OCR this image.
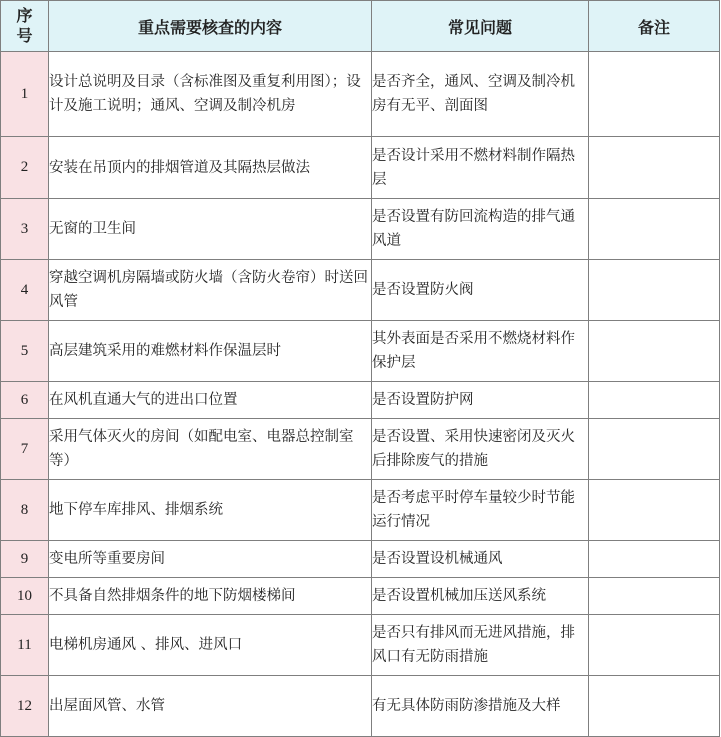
序
号	重点需要核查的内容	常见问题	备注
1	设计总说明及目录（含标准图及重复利用图）；设计及施工说明；通风、空调及制冷机房	是否齐全，通风、空调及制冷机房有无平、剖面图	
2	安装在吊顶内的排烟管道及其隔热层做法	是否设计采用不燃材料制作隔热层	
3	无窗的卫生间	是否设置有防回流构造的排气通风道	
4	穿越空调机房隔墙或防火墙（含防火卷帘）时送回风管	是否设置防火阀	
5	高层建筑采用的难燃材料作保温层时	其外表面是否采用不燃烧材料作保护层	
6	在风机直通大气的进出口位置	是否设置防护网	
7	采用气体灭火的房间（如配电室、电器总控制室等）	是否设置、采用快速密闭及灭火后排除废气的措施	
8	地下停车库排风、排烟系统	是否考虑平时停车量较少时节能运行情况	
9	变电所等重要房间	是否设置设机械通风	
10	不具备自然排烟条件的地下防烟楼梯间	是否设置机械加压送风系统	
11	电梯机房通风 、排风、进风口	是否只有排风而无进风措施，排风口有无防雨措施	
12	出屋面风管、水管	有无具体防雨防渗措施及大样	
